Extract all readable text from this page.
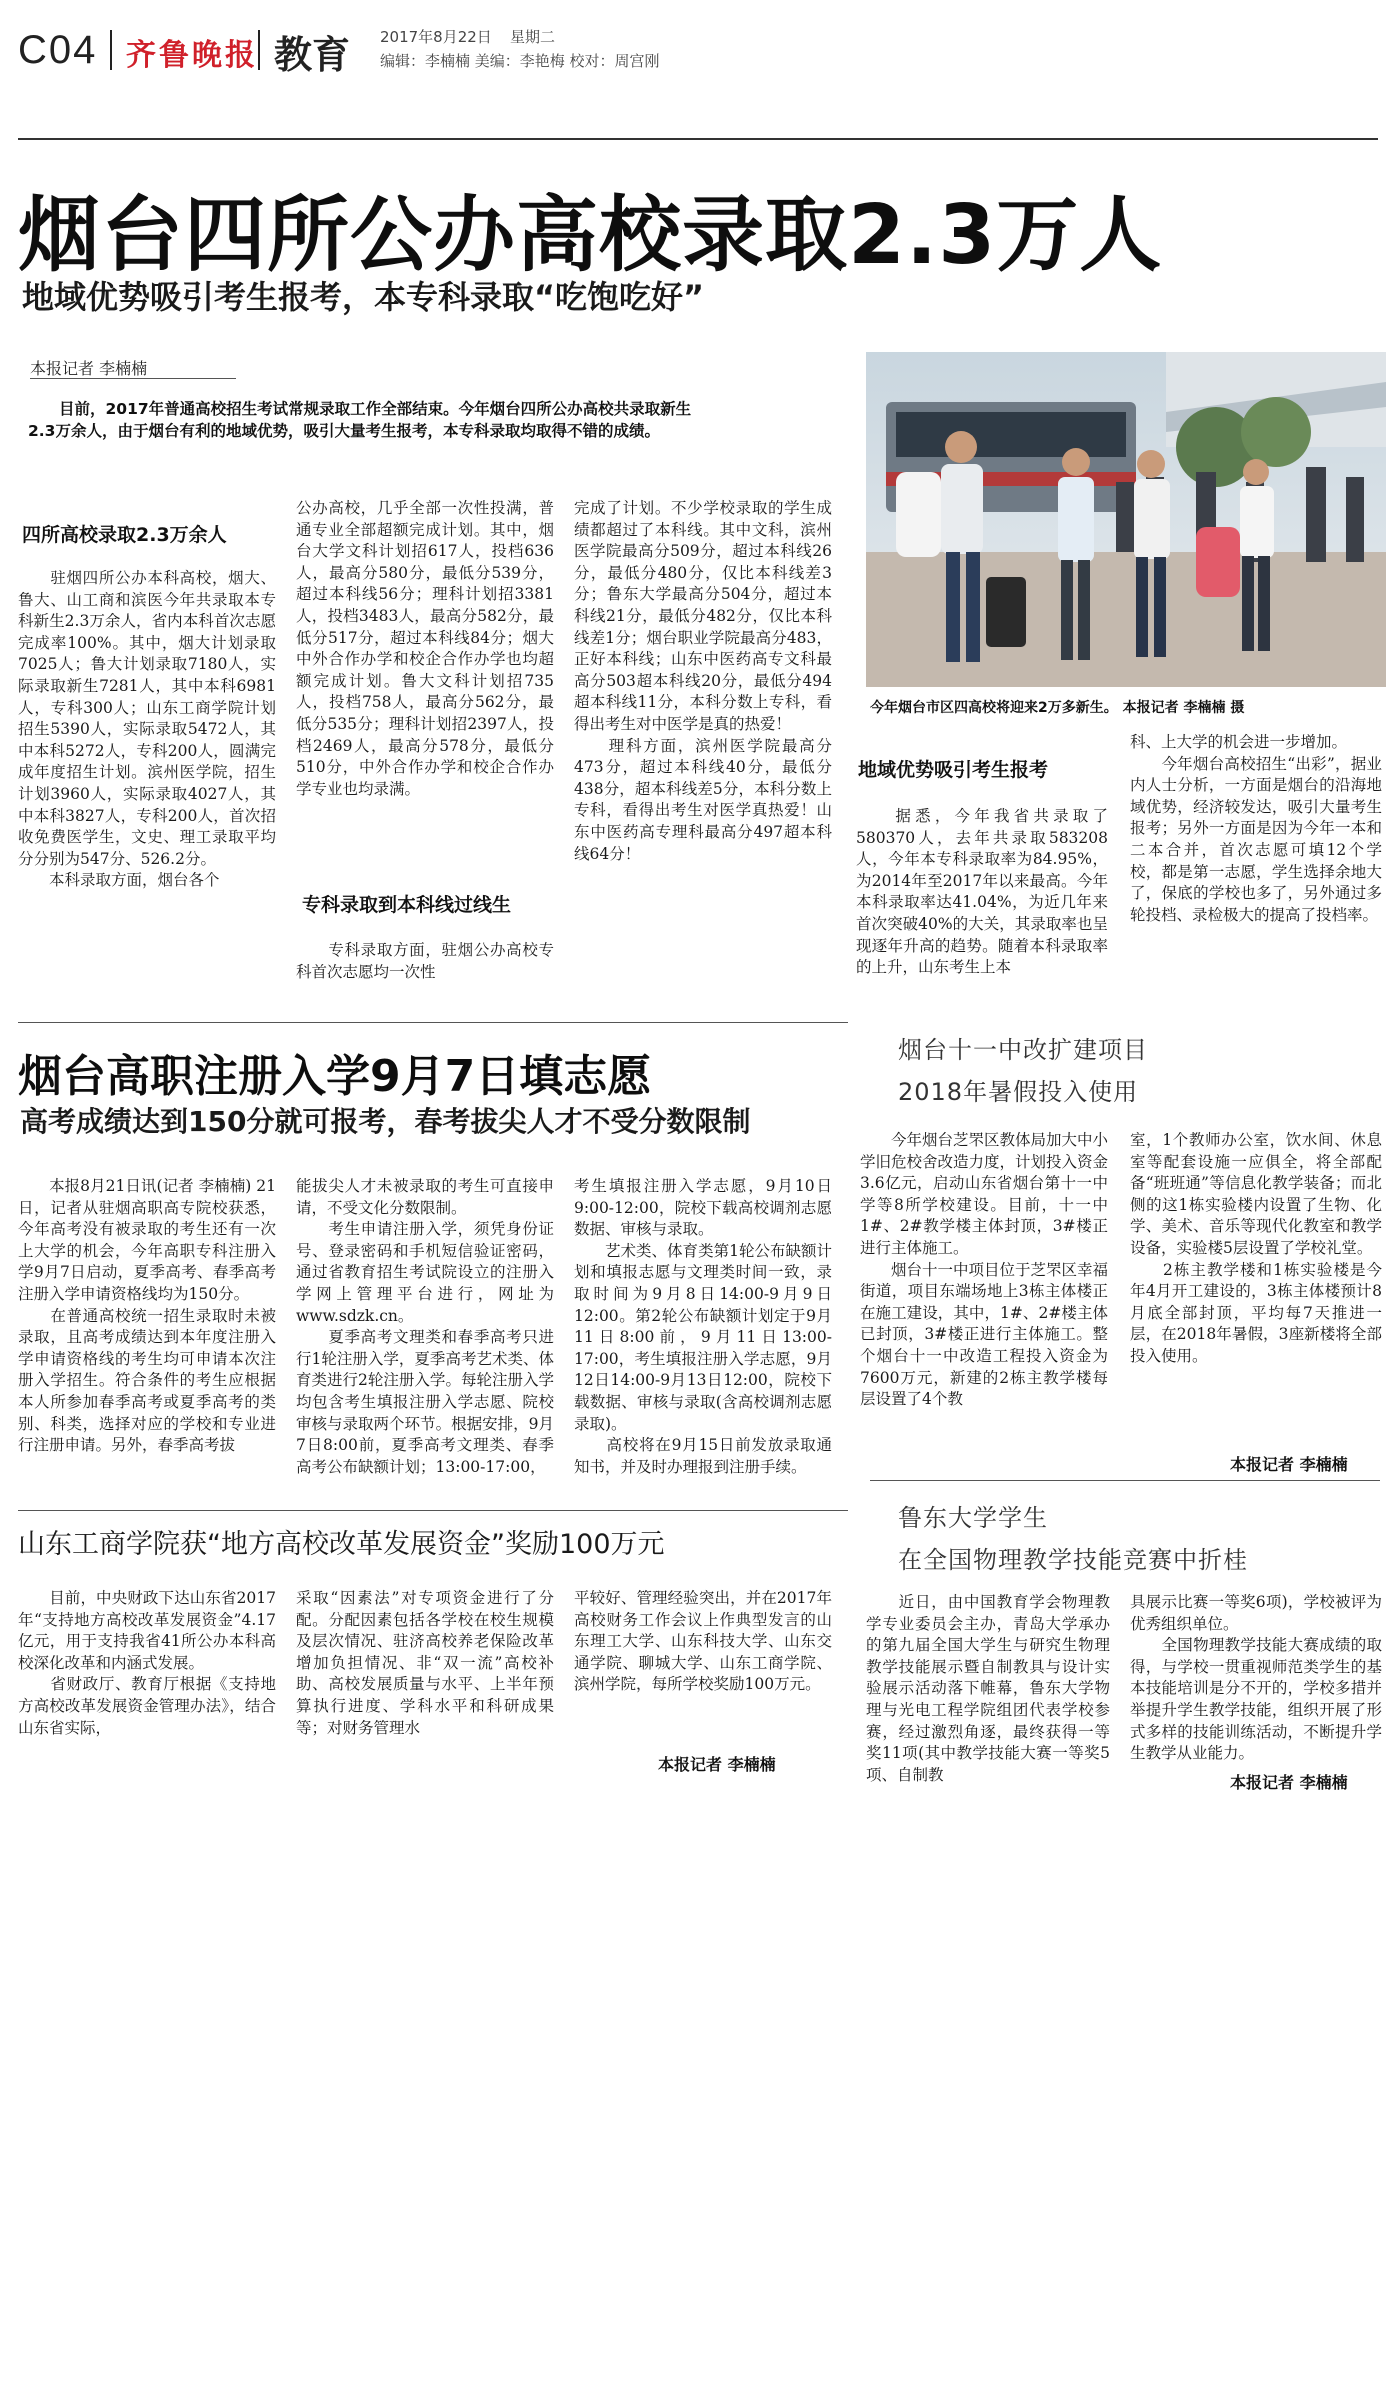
C04 齐鲁晚报 教育 2017年8月22日 星期二
编辑：李楠楠 美编：李艳梅 校对：周宫刚
烟台四所公办高校录取2.3万人
地域优势吸引考生报考，本专科录取“吃饱吃好”
本报记者 李楠楠
　　目前，2017年普通高校招生考试常规录取工作全部结束。今年烟台四所公办高校共录取新生
2.3万余人，由于烟台有利的地域优势，吸引大量考生报考，本专科录取均取得不错的成绩。
四所高校录取2.3万余人
　　驻烟四所公办本科高校，烟大、鲁大、山工商和滨医今年共录取本专科新生2.3万余人，省内本科首次志愿完成率100%。其中，烟大计划录取7025人；鲁大计划录取7180人，实际录取新生7281人，其中本科6981人，专科300人；山东工商学院计划招生5390人，实际录取5472人，其中本科5272人，专科200人，圆满完成年度招生计划。滨州医学院，招生计划3960人，实际录取4027人，其中本科3827人，专科200人，首次招收免费医学生，文史、理工录取平均分分别为547分、526.2分。
　　本科录取方面，烟台各个
公办高校，几乎全部一次性投满，普通专业全部超额完成计划。其中，烟台大学文科计划招617人，投档636人，最高分580分，最低分539分，超过本科线56分；理科计划招3381人，投档3483人，最高分582分，最低分517分，超过本科线84分；烟大中外合作办学和校企合作办学也均超额完成计划。鲁大文科计划招735人，投档758人，最高分562分，最低分535分；理科计划招2397人，投档2469人，最高分578分，最低分510分，中外合作办学和校企合作办学专业也均录满。
专科录取到本科线过线生
　　专科录取方面，驻烟公办高校专科首次志愿均一次性
完成了计划。不少学校录取的学生成绩都超过了本科线。其中文科，滨州医学院最高分509分，超过本科线26分，最低分480分，仅比本科线差3分；鲁东大学最高分504分，超过本科线21分，最低分482分，仅比本科线差1分；烟台职业学院最高分483，正好本科线；山东中医药高专文科最高分503超本科线20分，最低分494超本科线11分，本科分数上专科，看得出考生对中医学是真的热爱！
　　理科方面，滨州医学院最高分473分，超过本科线40分，最低分438分，超本科线差5分，本科分数上专科，看得出考生对医学真热爱！山东中医药高专理科最高分497超本科线64分！
今年烟台市区四高校将迎来2万多新生。 本报记者 李楠楠 摄
地域优势吸引考生报考
　　据悉，今年我省共录取了580370人，去年共录取583208人，今年本专科录取率为84.95%，为2014年至2017年以来最高。今年本科录取率达41.04%，为近几年来首次突破40%的大关，其录取率也呈现逐年升高的趋势。随着本科录取率的上升，山东考生上本
科、上大学的机会进一步增加。
　　今年烟台高校招生“出彩”，据业内人士分析，一方面是烟台的沿海地域优势，经济较发达，吸引大量考生报考；另外一方面是因为今年一本和二本合并，首次志愿可填12个学校，都是第一志愿，学生选择余地大了，保底的学校也多了，另外通过多轮投档、录检极大的提高了投档率。
烟台高职注册入学9月7日填志愿
高考成绩达到150分就可报考，春考拔尖人才不受分数限制
　　本报8月21日讯(记者 李楠楠) 21日，记者从驻烟高职高专院校获悉，今年高考没有被录取的考生还有一次上大学的机会，今年高职专科注册入学9月7日启动，夏季高考、春季高考注册入学申请资格线均为150分。
　　在普通高校统一招生录取时未被录取，且高考成绩达到本年度注册入学申请资格线的考生均可申请本次注册入学招生。符合条件的考生应根据本人所参加春季高考或夏季高考的类别、科类，选择对应的学校和专业进行注册申请。另外，春季高考拔
能拔尖人才未被录取的考生可直接申请，不受文化分数限制。
　　考生申请注册入学，须凭身份证号、登录密码和手机短信验证密码，通过省教育招生考试院设立的注册入学网上管理平台进行，网址为www.sdzk.cn。
　　夏季高考文理类和春季高考只进行1轮注册入学，夏季高考艺术类、体育类进行2轮注册入学。每轮注册入学均包含考生填报注册入学志愿、院校审核与录取两个环节。根据安排，9月7日8:00前，夏季高考文理类、春季高考公布缺额计划；13:00-17:00，
考生填报注册入学志愿，9月10日9:00-12:00，院校下载高校调剂志愿数据、审核与录取。
　　艺术类、体育类第1轮公布缺额计划和填报志愿与文理类时间一致，录取时间为9月8日14:00-9月9日12:00。第2轮公布缺额计划定于9月11日8:00前，9月11日13:00-17:00，考生填报注册入学志愿，9月12日14:00-9月13日12:00，院校下载数据、审核与录取(含高校调剂志愿录取)。
　　高校将在9月15日前发放录取通知书，并及时办理报到注册手续。
山东工商学院获“地方高校改革发展资金”奖励100万元
　　目前，中央财政下达山东省2017年“支持地方高校改革发展资金”4.17亿元，用于支持我省41所公办本科高校深化改革和内涵式发展。
　　省财政厅、教育厅根据《支持地方高校改革发展资金管理办法》，结合山东省实际，
采取“因素法”对专项资金进行了分配。分配因素包括各学校在校生规模及层次情况、驻济高校养老保险改革增加负担情况、非“双一流”高校补助、高校发展质量与水平、上半年预算执行进度、学科水平和科研成果等；对财务管理水
平较好、管理经验突出，并在2017年高校财务工作会议上作典型发言的山东理工大学、山东科技大学、山东交通学院、聊城大学、山东工商学院、滨州学院，每所学校奖励100万元。
本报记者 李楠楠
烟台十一中改扩建项目
2018年暑假投入使用
　　今年烟台芝罘区教体局加大中小学旧危校舍改造力度，计划投入资金3.6亿元，启动山东省烟台第十一中学等8所学校建设。目前，十一中1#、2#教学楼主体封顶，3#楼正进行主体施工。
　　烟台十一中项目位于芝罘区幸福街道，项目东端场地上3栋主体楼正在施工建设，其中，1#、2#楼主体已封顶，3#楼正进行主体施工。整个烟台十一中改造工程投入资金为7600万元，新建的2栋主教学楼每层设置了4个教
室，1个教师办公室，饮水间、休息室等配套设施一应俱全，将全部配备“班班通”等信息化教学装备；而北侧的这1栋实验楼内设置了生物、化学、美术、音乐等现代化教室和教学设备，实验楼5层设置了学校礼堂。
　　2栋主教学楼和1栋实验楼是今年4月开工建设的，3栋主体楼预计8月底全部封顶，平均每7天推进一层，在2018年暑假，3座新楼将全部投入使用。
本报记者 李楠楠
鲁东大学学生
在全国物理教学技能竞赛中折桂
　　近日，由中国教育学会物理教学专业委员会主办，青岛大学承办的第九届全国大学生与研究生物理教学技能展示暨自制教具与设计实验展示活动落下帷幕，鲁东大学物理与光电工程学院组团代表学校参赛，经过激烈角逐，最终获得一等奖11项(其中教学技能大赛一等奖5项、自制教
具展示比赛一等奖6项)，学校被评为优秀组织单位。
　　全国物理教学技能大赛成绩的取得，与学校一贯重视师范类学生的基本技能培训是分不开的，学校多措并举提升学生教学技能，组织开展了形式多样的技能训练活动，不断提升学生教学从业能力。
本报记者 李楠楠
